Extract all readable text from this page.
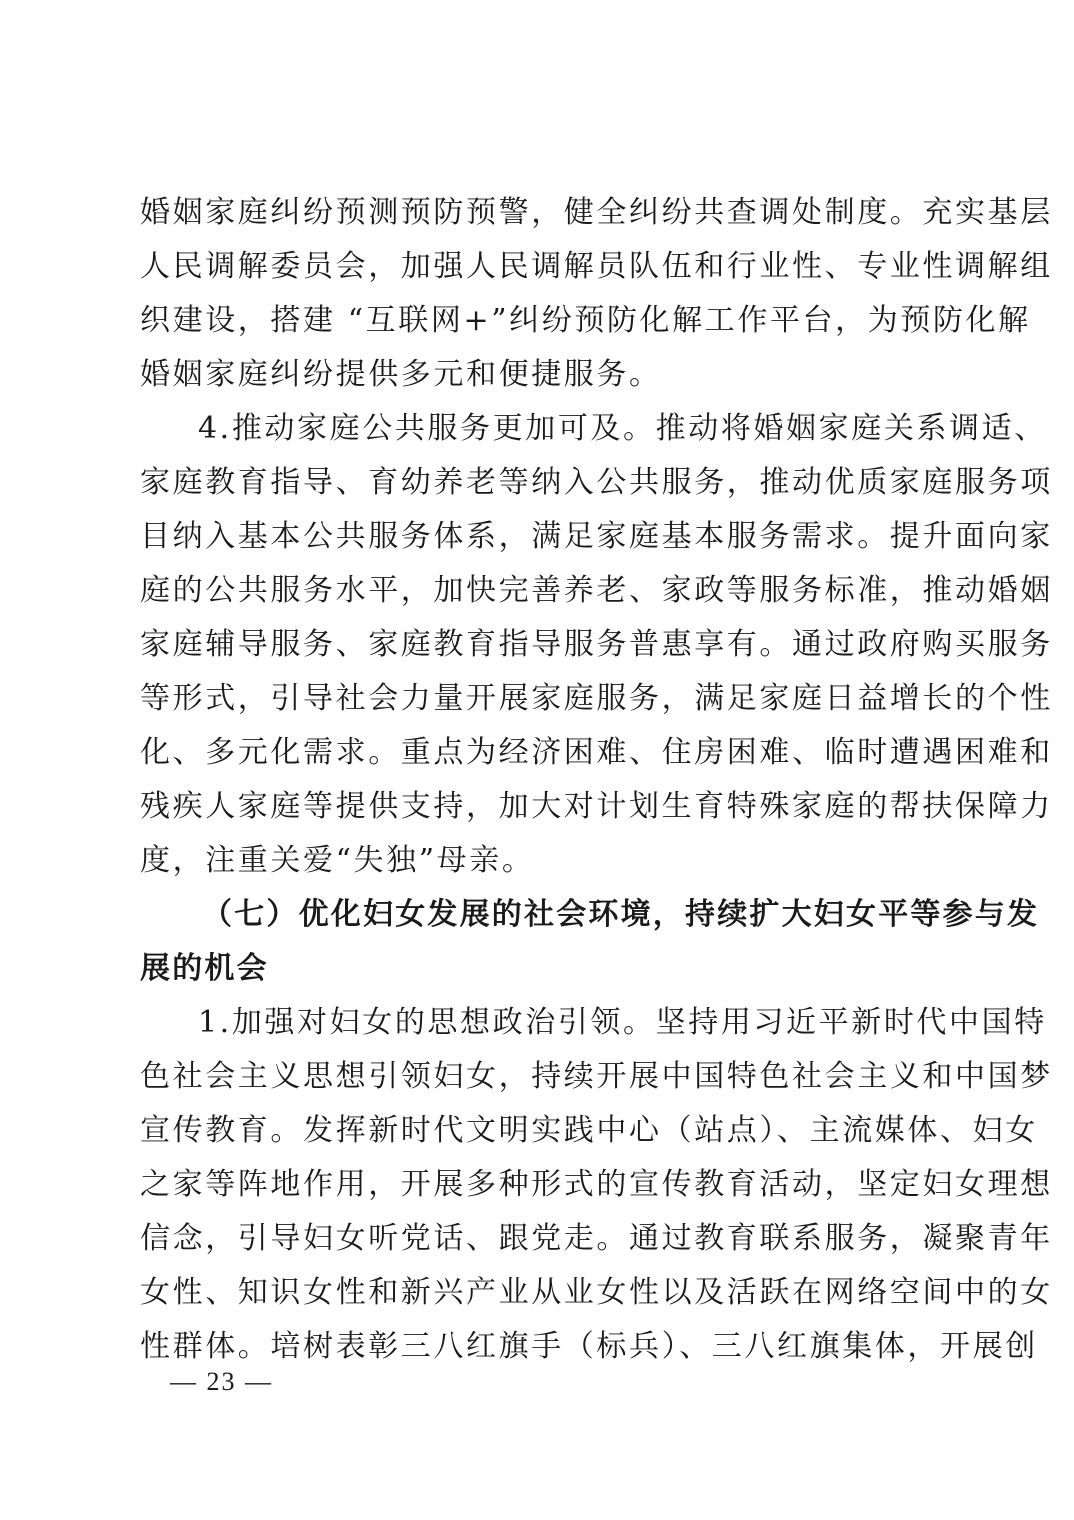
婚姻家庭纠纷预测预防预警，健全纠纷共查调处制度。充实基层
人民调解委员会，加强人民调解员队伍和行业性、专业性调解组
织建设，搭建 “互联网+”纠纷预防化解工作平台，为预防化解
婚姻家庭纠纷提供多元和便捷服务。
4.推动家庭公共服务更加可及。推动将婚姻家庭关系调适、
家庭教育指导、育幼养老等纳入公共服务，推动优质家庭服务项
目纳入基本公共服务体系，满足家庭基本服务需求。提升面向家
庭的公共服务水平，加快完善养老、家政等服务标准，推动婚姻
家庭辅导服务、家庭教育指导服务普惠享有。通过政府购买服务
等形式，引导社会力量开展家庭服务，满足家庭日益增长的个性
化、多元化需求。重点为经济困难、住房困难、临时遭遇困难和
残疾人家庭等提供支持，加大对计划生育特殊家庭的帮扶保障力
度，注重关爱“失独”母亲。
（七）优化妇女发展的社会环境，持续扩大妇女平等参与发
展的机会
1.加强对妇女的思想政治引领。坚持用习近平新时代中国特
色社会主义思想引领妇女，持续开展中国特色社会主义和中国梦
宣传教育。发挥新时代文明实践中心（站点）、主流媒体、妇女
之家等阵地作用，开展多种形式的宣传教育活动，坚定妇女理想
信念，引导妇女听党话、跟党走。通过教育联系服务，凝聚青年
女性、知识女性和新兴产业从业女性以及活跃在网络空间中的女
性群体。培树表彰三八红旗手（标兵）、三八红旗集体，开展创
— 23 —
